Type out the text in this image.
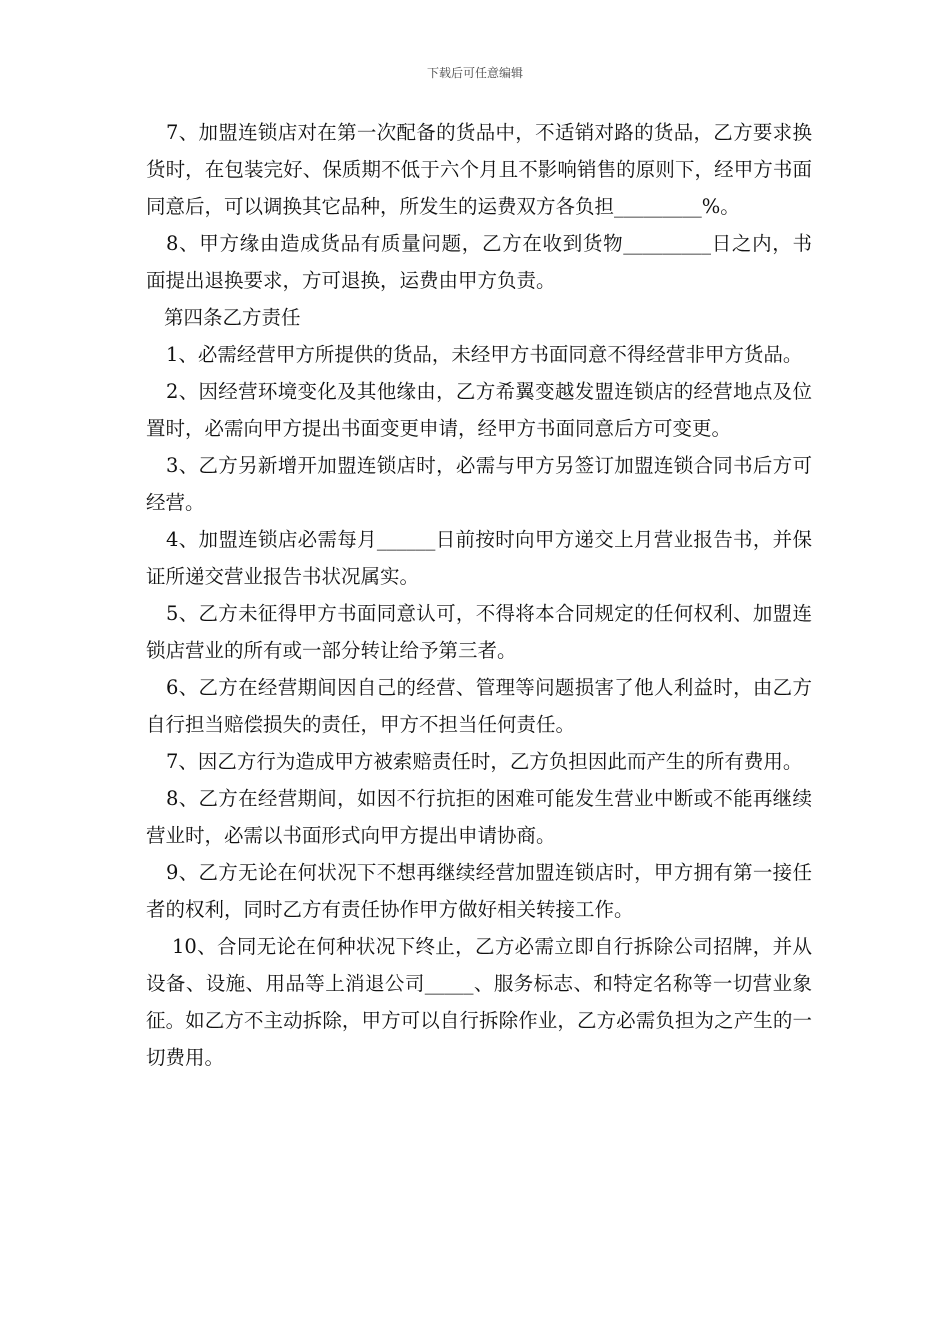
下载后可任意编辑

7、加盟连锁店对在第一次配备的货品中，不适销对路的货品，乙方要求换货时，在包装完好、保质期不低于六个月且不影响销售的原则下，经甲方书面同意后，可以调换其它品种，所发生的运费双方各负担_________%。

8、甲方缘由造成货品有质量问题，乙方在收到货物_________日之内，书面提出退换要求，方可退换，运费由甲方负责。

第四条乙方责任

1、必需经营甲方所提供的货品，未经甲方书面同意不得经营非甲方货品。

2、因经营环境变化及其他缘由，乙方希翼变越发盟连锁店的经营地点及位置时，必需向甲方提出书面变更申请，经甲方书面同意后方可变更。

3、乙方另新增开加盟连锁店时，必需与甲方另签订加盟连锁合同书后方可经营。

4、加盟连锁店必需每月______日前按时向甲方递交上月营业报告书，并保证所递交营业报告书状况属实。

5、乙方未征得甲方书面同意认可，不得将本合同规定的任何权利、加盟连锁店营业的所有或一部分转让给予第三者。

6、乙方在经营期间因自己的经营、管理等问题损害了他人利益时，由乙方自行担当赔偿损失的责任，甲方不担当任何责任。

7、因乙方行为造成甲方被索赔责任时，乙方负担因此而产生的所有费用。

8、乙方在经营期间，如因不行抗拒的困难可能发生营业中断或不能再继续营业时，必需以书面形式向甲方提出申请协商。

9、乙方无论在何状况下不想再继续经营加盟连锁店时，甲方拥有第一接任者的权利，同时乙方有责任协作甲方做好相关转接工作。

10、合同无论在何种状况下终止，乙方必需立即自行拆除公司招牌，并从设备、设施、用品等上消退公司_____、服务标志、和特定名称等一切营业象征。如乙方不主动拆除，甲方可以自行拆除作业，乙方必需负担为之产生的一切费用。
